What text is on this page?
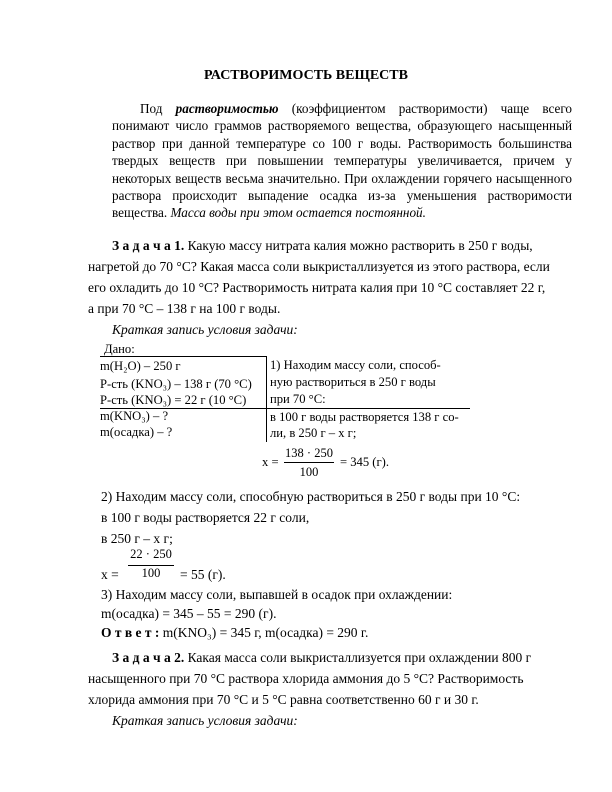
РАСТВОРИМОСТЬ ВЕЩЕСТВ
Под растворимостью (коэффициентом растворимости) чаще всего понимают число граммов растворяемого вещества, образующего насыщенный раствор при данной температуре со 100 г воды. Растворимость большинства твердых веществ при повышении температуры увеличивается, причем у некоторых веществ весьма значительно. При охлаждении горячего насыщенного раствора происходит выпадение осадка из-за уменьшения растворимости вещества. Масса воды при этом остается постоянной.
З а д а ч а 1. Какую массу нитрата калия можно растворить в 250 г воды,
нагретой до 70 °С? Какая масса соли выкристаллизуется из этого раствора, если
его охладить до 10 °С? Растворимость нитрата калия при 10 °С составляет 22 г,
а при 70 °С – 138 г на 100 г воды.
Краткая запись условия задачи:
Дано:
m(H₂O) – 250 г
Р-сть (KNO₃) – 138 г (70 °С)
Р-сть (KNO₃) = 22 г (10 °С)
m(KNO₃) – ?
m(осадка) – ?
1) Находим массу соли, способ-
ную раствориться в 250 г воды
при 70 °С:
в 100 г воды растворяется 138 г со-
ли, в 250 г – х г;
х =
138 · 250
100
= 345 (г).
2) Находим массу соли, способную раствориться в 250 г воды при 10 °С:
в 100 г воды растворяется 22 г соли,
в 250 г – х г;
22 · 250
х =	100	= 55 (г).
3) Находим массу соли, выпавшей в осадок при охлаждении:
m(осадка) = 345 – 55 = 290 (г).
О т в е т : m(KNO₃) = 345 г, m(осадка) = 290 г.
З а д а ч а 2. Какая масса соли выкристаллизуется при охлаждении 800 г
насыщенного при 70 °С раствора хлорида аммония до 5 °С? Растворимость
хлорида аммония при 70 °С и 5 °С равна соответственно 60 г и 30 г.
Краткая запись условия задачи:
